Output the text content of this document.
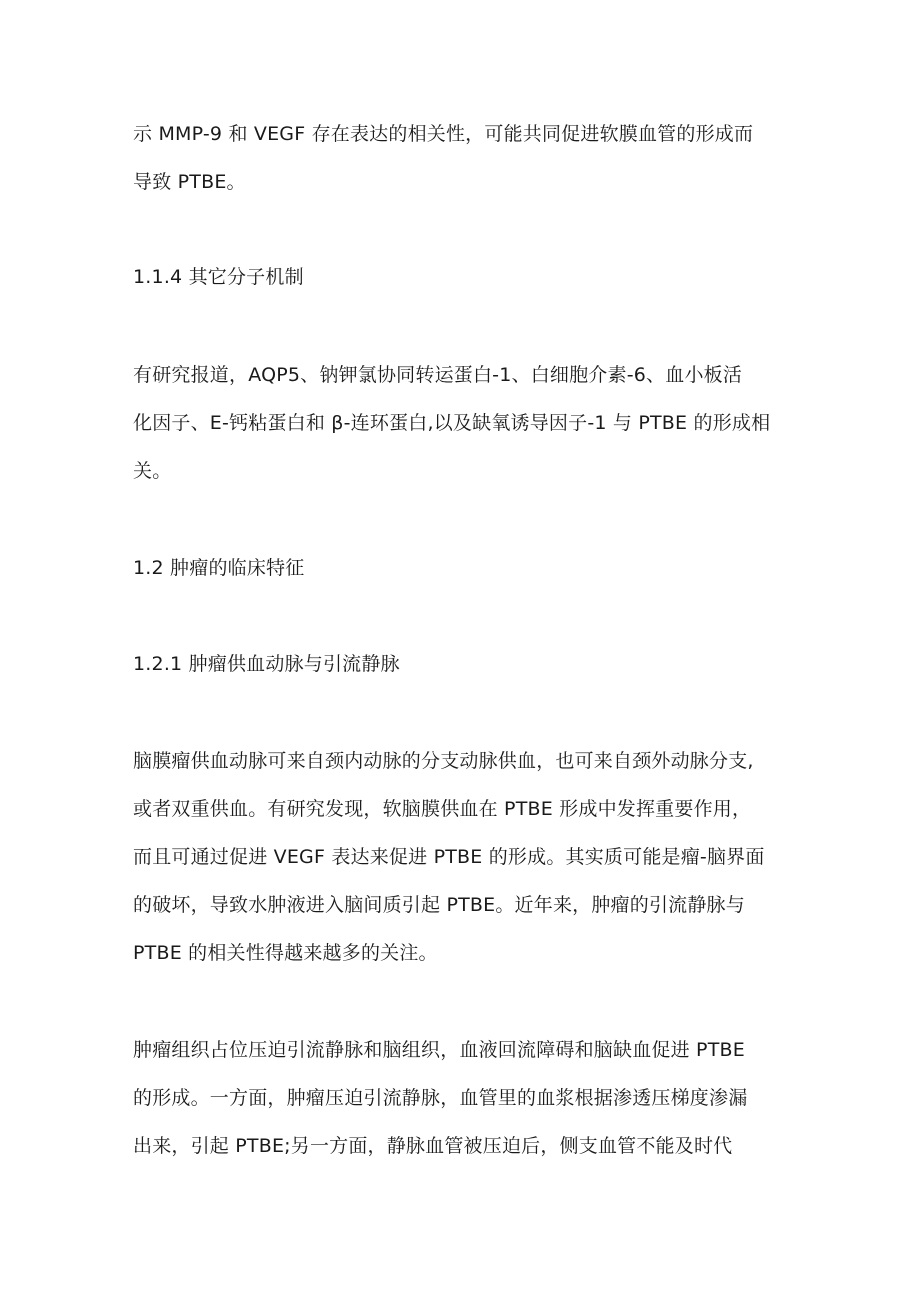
示 MMP-9 和 VEGF 存在表达的相关性，可能共同促进软膜血管的形成而
导致 PTBE。
1.1.4 其它分子机制
有研究报道，AQP5、钠钾氯协同转运蛋白-1、白细胞介素-6、血小板活
化因子、E-钙粘蛋白和 β-连环蛋白,以及缺氧诱导因子-1 与 PTBE 的形成相
关。
1.2 肿瘤的临床特征
1.2.1 肿瘤供血动脉与引流静脉
脑膜瘤供血动脉可来自颈内动脉的分支动脉供血，也可来自颈外动脉分支,
或者双重供血。有研究发现，软脑膜供血在 PTBE 形成中发挥重要作用，
而且可通过促进 VEGF 表达来促进 PTBE 的形成。其实质可能是瘤-脑界面
的破坏，导致水肿液进入脑间质引起 PTBE。近年来，肿瘤的引流静脉与
PTBE 的相关性得越来越多的关注。
肿瘤组织占位压迫引流静脉和脑组织，血液回流障碍和脑缺血促进 PTBE
的形成。一方面，肿瘤压迫引流静脉，血管里的血浆根据渗透压梯度渗漏
出来，引起 PTBE;另一方面，静脉血管被压迫后，侧支血管不能及时代
